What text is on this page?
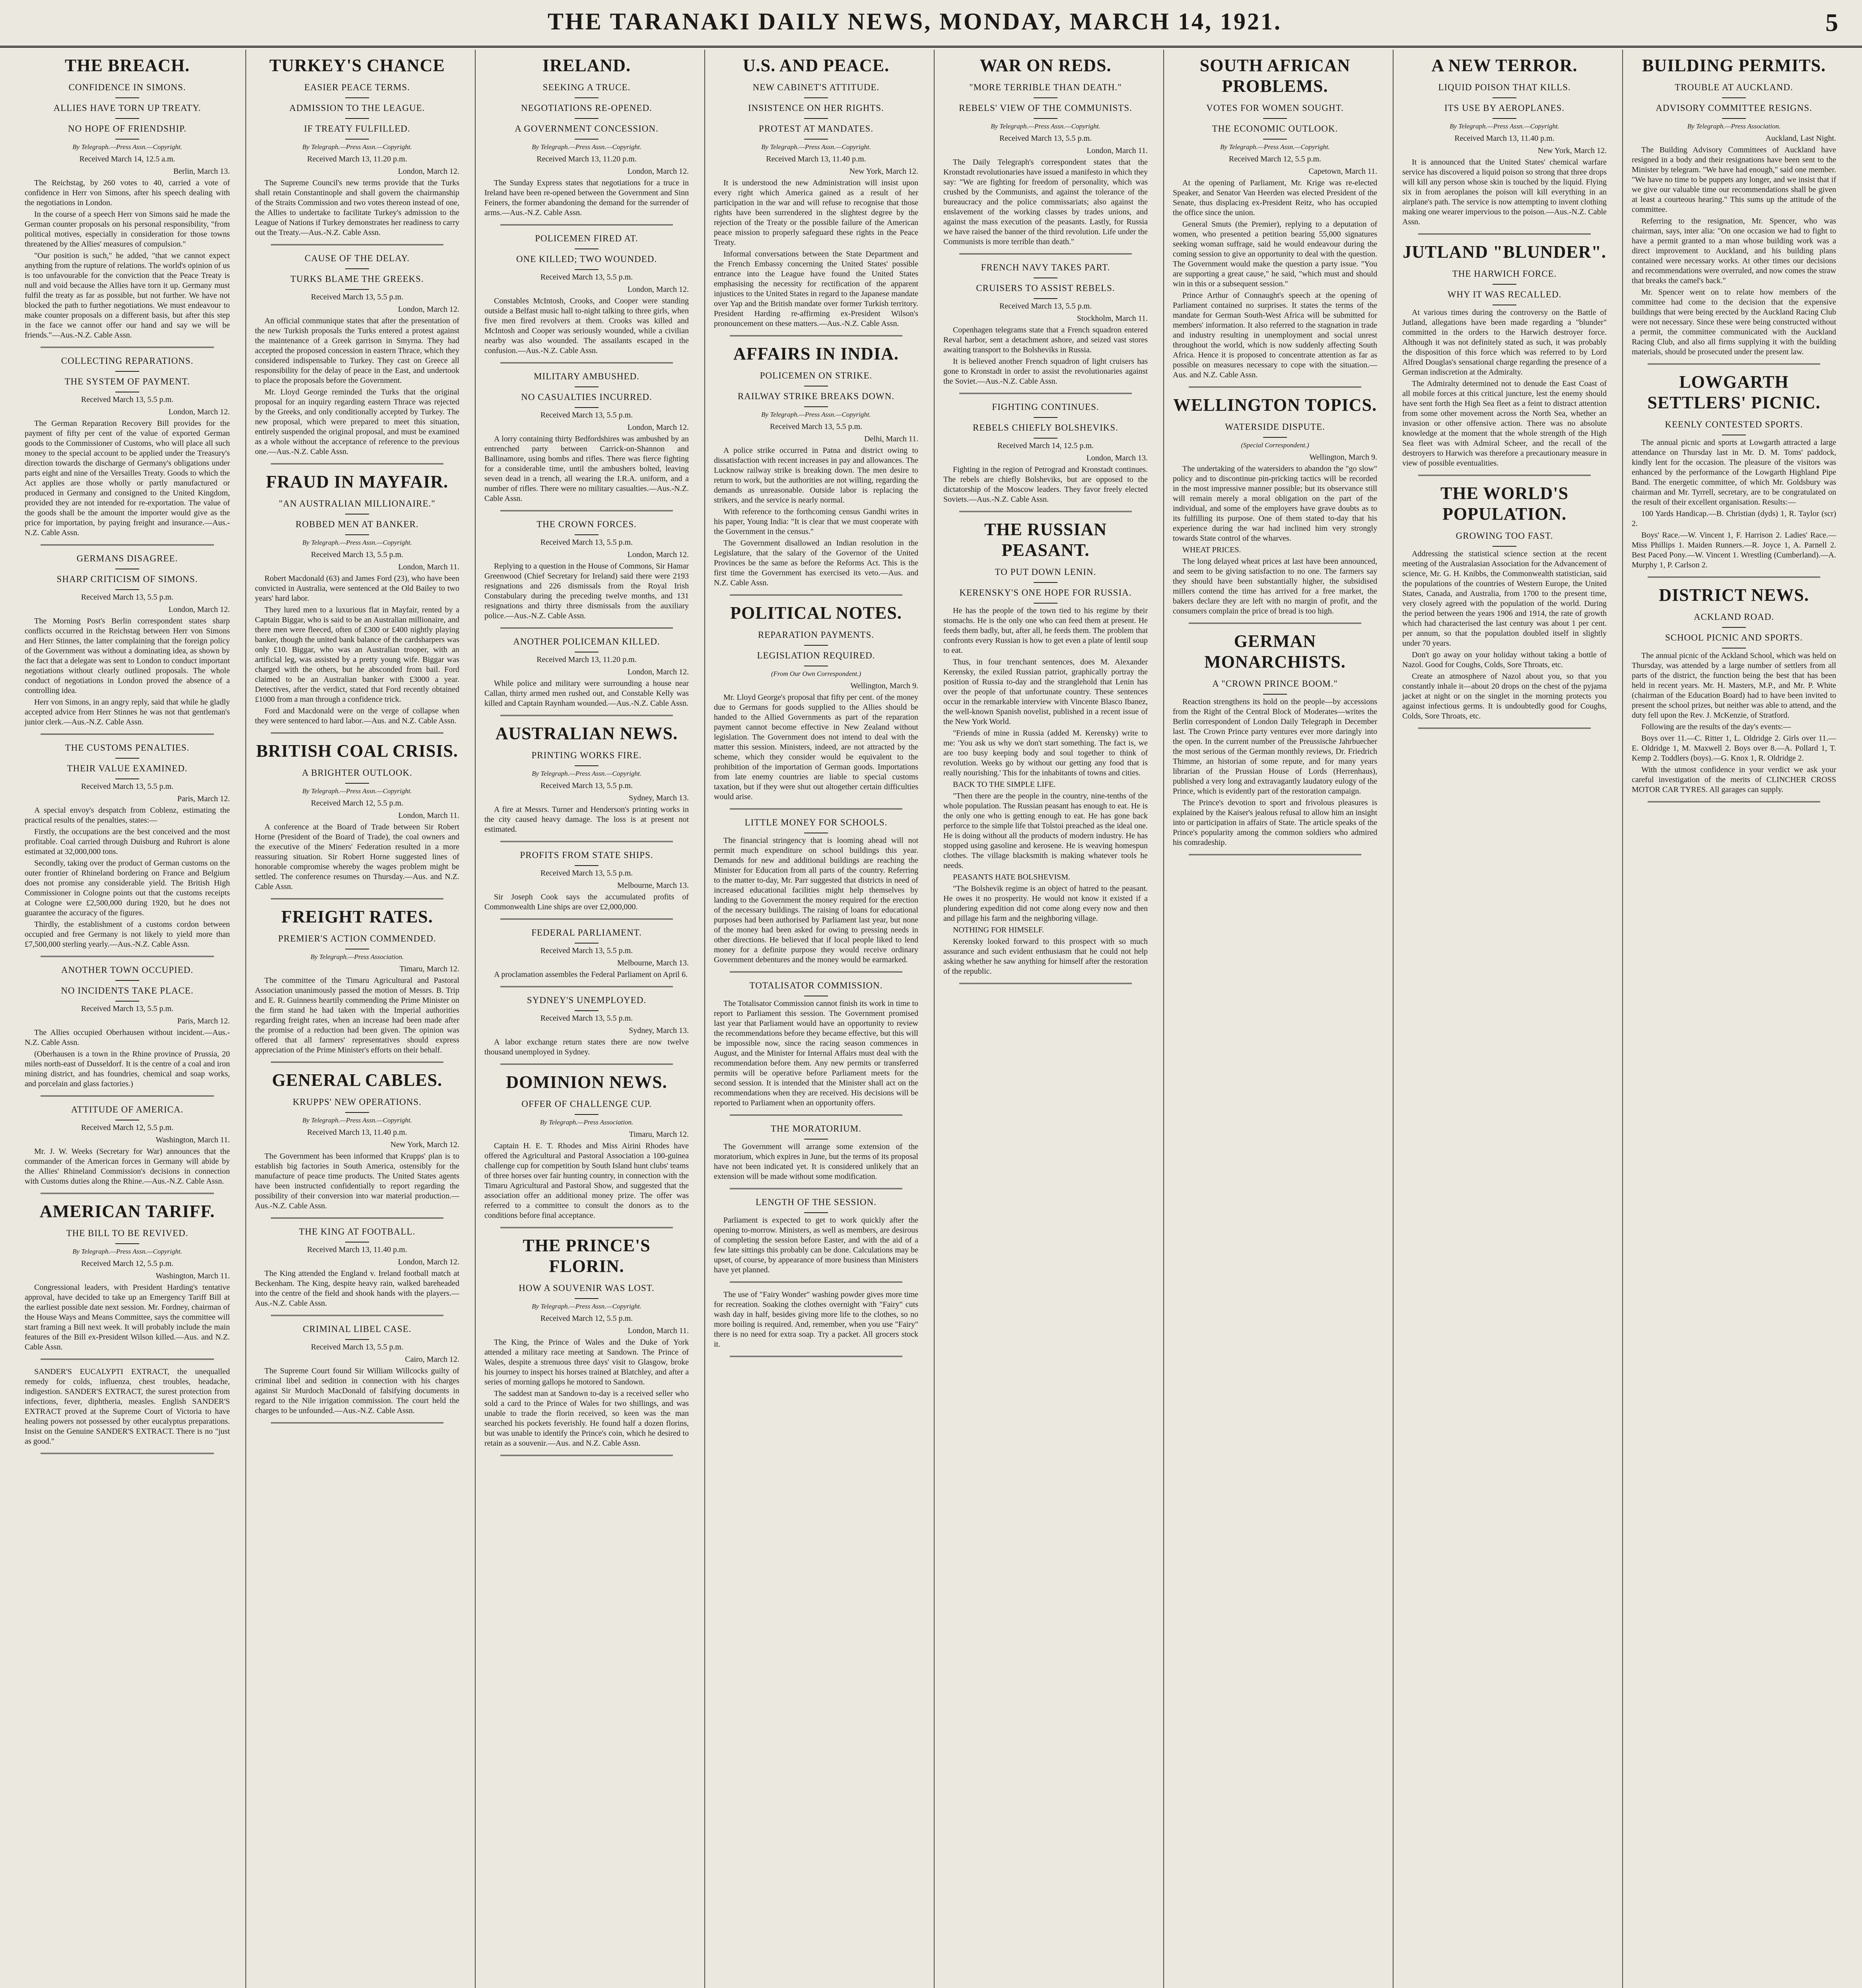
THE TARANAKI DAILY NEWS, MONDAY, MARCH 14, 1921.	5
THE BREACH.
CONFIDENCE IN SIMONS.
ALLIES HAVE TORN UP TREATY.
NO HOPE OF FRIENDSHIP.
By Telegraph.—Press Assn.—Copyright.
Received March 14, 12.5 a.m.
Berlin, March 13.
The Reichstag, by 260 votes to 40, carried a vote of confidence in Herr von Simons, after his speech dealing with the negotiations in London.
In the course of a speech Herr von Simons said he made the German counter proposals on his personal responsibility, "from political motives, especially in consideration for those towns threatened by the Allies' measures of compulsion."
"Our position is such," he added, "that we cannot expect anything from the rupture of relations. The world's opinion of us is too unfavourable for the conviction that the Peace Treaty is null and void because the Allies have torn it up. Germany must fulfil the treaty as far as possible, but not further. We have not blocked the path to further negotiations. We must endeavour to make counter proposals on a different basis, but after this step in the face we cannot offer our hand and say we will be friends."—Aus.-N.Z. Cable Assn.
COLLECTING REPARATIONS.
THE SYSTEM OF PAYMENT.
Received March 13, 5.5 p.m.
London, March 12.
The German Reparation Recovery Bill provides for the payment of fifty per cent of the value of exported German goods to the Commissioner of Customs, who will place all such money to the special account to be applied under the Treasury's direction towards the discharge of Germany's obligations under parts eight and nine of the Versailles Treaty. Goods to which the Act applies are those wholly or partly manufactured or produced in Germany and consigned to the United Kingdom, provided they are not intended for re-exportation. The value of the goods shall be the amount the importer would give as the price for importation, by paying freight and insurance.—Aus.-N.Z. Cable Assn.
GERMANS DISAGREE.
SHARP CRITICISM OF SIMONS.
Received March 13, 5.5 p.m.
London, March 12.
The Morning Post's Berlin correspondent states sharp conflicts occurred in the Reichstag between Herr von Simons and Herr Stinnes, the latter complaining that the foreign policy of the Government was without a dominating idea, as shown by the fact that a delegate was sent to London to conduct important negotiations without clearly outlined proposals. The whole conduct of negotiations in London proved the absence of a controlling idea.
Herr von Simons, in an angry reply, said that while he gladly accepted advice from Herr Stinnes he was not that gentleman's junior clerk.—Aus.-N.Z. Cable Assn.
THE CUSTOMS PENALTIES.
THEIR VALUE EXAMINED.
Received March 13, 5.5 p.m.
Paris, March 12.
A special envoy's despatch from Coblenz, estimating the practical results of the penalties, states:—
Firstly, the occupations are the best conceived and the most profitable. Coal carried through Duisburg and Ruhrort is alone estimated at 32,000,000 tons.
Secondly, taking over the product of German customs on the outer frontier of Rhineland bordering on France and Belgium does not promise any considerable yield. The British High Commissioner in Cologne points out that the customs receipts at Cologne were £2,500,000 during 1920, but he does not guarantee the accuracy of the figures.
Thirdly, the establishment of a customs cordon between occupied and free Germany is not likely to yield more than £7,500,000 sterling yearly.—Aus.-N.Z. Cable Assn.
ANOTHER TOWN OCCUPIED.
NO INCIDENTS TAKE PLACE.
Received March 13, 5.5 p.m.
Paris, March 12.
The Allies occupied Oberhausen without incident.—Aus.-N.Z. Cable Assn.
(Oberhausen is a town in the Rhine province of Prussia, 20 miles north-east of Dusseldorf. It is the centre of a coal and iron mining district, and has foundries, chemical and soap works, and porcelain and glass factories.)
ATTITUDE OF AMERICA.
Received March 12, 5.5 p.m.
Washington, March 11.
Mr. J. W. Weeks (Secretary for War) announces that the commander of the American forces in Germany will abide by the Allies' Rhineland Commission's decisions in connection with Customs duties along the Rhine.—Aus.-N.Z. Cable Assn.
AMERICAN TARIFF.
THE BILL TO BE REVIVED.
By Telegraph.—Press Assn.—Copyright.
Received March 12, 5.5 p.m.
Washington, March 11.
Congressional leaders, with President Harding's tentative approval, have decided to take up an Emergency Tariff Bill at the earliest possible date next session. Mr. Fordney, chairman of the House Ways and Means Committee, says the committee will start framing a Bill next week. It will probably include the main features of the Bill ex-President Wilson killed.—Aus. and N.Z. Cable Assn.
SANDER'S EUCALYPTI EXTRACT, the unequalled remedy for colds, influenza, chest troubles, headache, indigestion. SANDER'S EXTRACT, the surest protection from infections, fever, diphtheria, measles. English SANDER'S EXTRACT proved at the Supreme Court of Victoria to have healing powers not possessed by other eucalyptus preparations. Insist on the Genuine SANDER'S EXTRACT. There is no "just as good."
TURKEY'S CHANCE
EASIER PEACE TERMS.
ADMISSION TO THE LEAGUE.
IF TREATY FULFILLED.
By Telegraph.—Press Assn.—Copyright.
Received March 13, 11.20 p.m.
London, March 12.
The Supreme Council's new terms provide that the Turks shall retain Constantinople and shall govern the chairmanship of the Straits Commission and two votes thereon instead of one, the Allies to undertake to facilitate Turkey's admission to the League of Nations if Turkey demonstrates her readiness to carry out the Treaty.—Aus.-N.Z. Cable Assn.
CAUSE OF THE DELAY.
TURKS BLAME THE GREEKS.
Received March 13, 5.5 p.m.
London, March 12.
An official communique states that after the presentation of the new Turkish proposals the Turks entered a protest against the maintenance of a Greek garrison in Smyrna. They had accepted the proposed concession in eastern Thrace, which they considered indispensable to Turkey. They cast on Greece all responsibility for the delay of peace in the East, and undertook to place the proposals before the Government.
Mr. Lloyd George reminded the Turks that the original proposal for an inquiry regarding eastern Thrace was rejected by the Greeks, and only conditionally accepted by Turkey. The new proposal, which were prepared to meet this situation, entirely suspended the original proposal, and must be examined as a whole without the acceptance of reference to the previous one.—Aus.-N.Z. Cable Assn.
FRAUD IN MAYFAIR.
"AN AUSTRALIAN MILLIONAIRE."
ROBBED MEN AT BANKER.
By Telegraph.—Press Assn.—Copyright.
Received March 13, 5.5 p.m.
London, March 11.
Robert Macdonald (63) and James Ford (23), who have been convicted in Australia, were sentenced at the Old Bailey to two years' hard labor.
They lured men to a luxurious flat in Mayfair, rented by a Captain Biggar, who is said to be an Australian millionaire, and there men were fleeced, often of £300 or £400 nightly playing banker, though the united bank balance of the cardsharpers was only £10. Biggar, who was an Australian trooper, with an artificial leg, was assisted by a pretty young wife. Biggar was charged with the others, but he absconded from bail. Ford claimed to be an Australian banker with £3000 a year. Detectives, after the verdict, stated that Ford recently obtained £1000 from a man through a confidence trick.
Ford and Macdonald were on the verge of collapse when they were sentenced to hard labor.—Aus. and N.Z. Cable Assn.
BRITISH COAL CRISIS.
A BRIGHTER OUTLOOK.
By Telegraph.—Press Assn.—Copyright.
Received March 12, 5.5 p.m.
London, March 11.
A conference at the Board of Trade between Sir Robert Horne (President of the Board of Trade), the coal owners and the executive of the Miners' Federation resulted in a more reassuring situation. Sir Robert Horne suggested lines of honorable compromise whereby the wages problem might be settled. The conference resumes on Thursday.—Aus. and N.Z. Cable Assn.
FREIGHT RATES.
PREMIER'S ACTION COMMENDED.
By Telegraph.—Press Association.
Timaru, March 12.
The committee of the Timaru Agricultural and Pastoral Association unanimously passed the motion of Messrs. B. Trip and E. R. Guinness heartily commending the Prime Minister on the firm stand he had taken with the Imperial authorities regarding freight rates, when an increase had been made after the promise of a reduction had been given. The opinion was offered that all farmers' representatives should express appreciation of the Prime Minister's efforts on their behalf.
GENERAL CABLES.
KRUPPS' NEW OPERATIONS.
By Telegraph.—Press Assn.—Copyright.
Received March 13, 11.40 p.m.
New York, March 12.
The Government has been informed that Krupps' plan is to establish big factories in South America, ostensibly for the manufacture of peace time products. The United States agents have been instructed confidentially to report regarding the possibility of their conversion into war material production.—Aus.-N.Z. Cable Assn.
THE KING AT FOOTBALL.
Received March 13, 11.40 p.m.
London, March 12.
The King attended the England v. Ireland football match at Beckenham. The King, despite heavy rain, walked bareheaded into the centre of the field and shook hands with the players.—Aus.-N.Z. Cable Assn.
CRIMINAL LIBEL CASE.
Received March 13, 5.5 p.m.
Cairo, March 12.
The Supreme Court found Sir William Willcocks guilty of criminal libel and sedition in connection with his charges against Sir Murdoch MacDonald of falsifying documents in regard to the Nile irrigation commission. The court held the charges to be unfounded.—Aus.-N.Z. Cable Assn.
IRELAND.
SEEKING A TRUCE.
NEGOTIATIONS RE-OPENED.
A GOVERNMENT CONCESSION.
By Telegraph.—Press Assn.—Copyright.
Received March 13, 11.20 p.m.
London, March 12.
The Sunday Express states that negotiations for a truce in Ireland have been re-opened between the Government and Sinn Feiners, the former abandoning the demand for the surrender of arms.—Aus.-N.Z. Cable Assn.
POLICEMEN FIRED AT.
ONE KILLED; TWO WOUNDED.
Received March 13, 5.5 p.m.
London, March 12.
Constables McIntosh, Crooks, and Cooper were standing outside a Belfast music hall to-night talking to three girls, when five men fired revolvers at them. Crooks was killed and McIntosh and Cooper was seriously wounded, while a civilian nearby was also wounded. The assailants escaped in the confusion.—Aus.-N.Z. Cable Assn.
MILITARY AMBUSHED.
NO CASUALTIES INCURRED.
Received March 13, 5.5 p.m.
London, March 12.
A lorry containing thirty Bedfordshires was ambushed by an entrenched party between Carrick-on-Shannon and Ballinamore, using bombs and rifles. There was fierce fighting for a considerable time, until the ambushers bolted, leaving seven dead in a trench, all wearing the I.R.A. uniform, and a number of rifles. There were no military casualties.—Aus.-N.Z. Cable Assn.
THE CROWN FORCES.
Received March 13, 5.5 p.m.
London, March 12.
Replying to a question in the House of Commons, Sir Hamar Greenwood (Chief Secretary for Ireland) said there were 2193 resignations and 226 dismissals from the Royal Irish Constabulary during the preceding twelve months, and 131 resignations and thirty three dismissals from the auxiliary police.—Aus.-N.Z. Cable Assn.
ANOTHER POLICEMAN KILLED.
Received March 13, 11.20 p.m.
London, March 12.
While police and military were surrounding a house near Callan, thirty armed men rushed out, and Constable Kelly was killed and Captain Raynham wounded.—Aus.-N.Z. Cable Assn.
AUSTRALIAN NEWS.
PRINTING WORKS FIRE.
By Telegraph.—Press Assn.—Copyright.
Received March 13, 5.5 p.m.
Sydney, March 13.
A fire at Messrs. Turner and Henderson's printing works in the city caused heavy damage. The loss is at present not estimated.
PROFITS FROM STATE SHIPS.
Received March 13, 5.5 p.m.
Melbourne, March 13.
Sir Joseph Cook says the accumulated profits of Commonwealth Line ships are over £2,000,000.
FEDERAL PARLIAMENT.
Received March 13, 5.5 p.m.
Melbourne, March 13.
A proclamation assembles the Federal Parliament on April 6.
SYDNEY'S UNEMPLOYED.
Received March 13, 5.5 p.m.
Sydney, March 13.
A labor exchange return states there are now twelve thousand unemployed in Sydney.
DOMINION NEWS.
OFFER OF CHALLENGE CUP.
By Telegraph.—Press Association.
Timaru, March 12.
Captain H. E. T. Rhodes and Miss Airini Rhodes have offered the Agricultural and Pastoral Association a 100-guinea challenge cup for competition by South Island hunt clubs' teams of three horses over fair hunting country, in connection with the Timaru Agricultural and Pastoral Show, and suggested that the association offer an additional money prize. The offer was referred to a committee to consult the donors as to the conditions before final acceptance.
THE PRINCE'S FLORIN.
HOW A SOUVENIR WAS LOST.
By Telegraph.—Press Assn.—Copyright.
Received March 12, 5.5 p.m.
London, March 11.
The King, the Prince of Wales and the Duke of York attended a military race meeting at Sandown. The Prince of Wales, despite a strenuous three days' visit to Glasgow, broke his journey to inspect his horses trained at Blatchley, and after a series of morning gallops he motored to Sandown.
The saddest man at Sandown to-day is a received seller who sold a card to the Prince of Wales for two shillings, and was unable to trade the florin received, so keen was the man searched his pockets feverishly. He found half a dozen florins, but was unable to identify the Prince's coin, which he desired to retain as a souvenir.—Aus. and N.Z. Cable Assn.
U.S. AND PEACE.
NEW CABINET'S ATTITUDE.
INSISTENCE ON HER RIGHTS.
PROTEST AT MANDATES.
By Telegraph.—Press Assn.—Copyright.
Received March 13, 11.40 p.m.
New York, March 12.
It is understood the new Administration will insist upon every right which America gained as a result of her participation in the war and will refuse to recognise that those rights have been surrendered in the slightest degree by the rejection of the Treaty or the possible failure of the American peace mission to properly safeguard these rights in the Peace Treaty.
Informal conversations between the State Department and the French Embassy concerning the United States' possible entrance into the League have found the United States emphasising the necessity for rectification of the apparent injustices to the United States in regard to the Japanese mandate over Yap and the British mandate over former Turkish territory. President Harding re-affirming ex-President Wilson's pronouncement on these matters.—Aus.-N.Z. Cable Assn.
AFFAIRS IN INDIA.
POLICEMEN ON STRIKE.
RAILWAY STRIKE BREAKS DOWN.
By Telegraph.—Press Assn.—Copyright.
Received March 13, 5.5 p.m.
Delhi, March 11.
A police strike occurred in Patna and district owing to dissatisfaction with recent increases in pay and allowances. The Lucknow railway strike is breaking down. The men desire to return to work, but the authorities are not willing, regarding the demands as unreasonable. Outside labor is replacing the strikers, and the service is nearly normal.
With reference to the forthcoming census Gandhi writes in his paper, Young India: "It is clear that we must cooperate with the Government in the census."
The Government disallowed an Indian resolution in the Legislature, that the salary of the Governor of the United Provinces be the same as before the Reforms Act. This is the first time the Government has exercised its veto.—Aus. and N.Z. Cable Assn.
POLITICAL NOTES.
REPARATION PAYMENTS.
LEGISLATION REQUIRED.
(From Our Own Correspondent.)
Wellington, March 9.
Mr. Lloyd George's proposal that fifty per cent. of the money due to Germans for goods supplied to the Allies should be handed to the Allied Governments as part of the reparation payment cannot become effective in New Zealand without legislation. The Government does not intend to deal with the matter this session. Ministers, indeed, are not attracted by the scheme, which they consider would be equivalent to the prohibition of the importation of German goods. Importations from late enemy countries are liable to special customs taxation, but if they were shut out altogether certain difficulties would arise.
LITTLE MONEY FOR SCHOOLS.
The financial stringency that is looming ahead will not permit much expenditure on school buildings this year. Demands for new and additional buildings are reaching the Minister for Education from all parts of the country. Referring to the matter to-day, Mr. Parr suggested that districts in need of increased educational facilities might help themselves by landing to the Government the money required for the erection of the necessary buildings. The raising of loans for educational purposes had been authorised by Parliament last year, but none of the money had been asked for owing to pressing needs in other directions. He believed that if local people liked to lend money for a definite purpose they would receive ordinary Government debentures and the money would be earmarked.
TOTALISATOR COMMISSION.
The Totalisator Commission cannot finish its work in time to report to Parliament this session. The Government promised last year that Parliament would have an opportunity to review the recommendations before they became effective, but this will be impossible now, since the racing season commences in August, and the Minister for Internal Affairs must deal with the recommendation before them. Any new permits or transferred permits will be operative before Parliament meets for the second session. It is intended that the Minister shall act on the recommendations when they are received. His decisions will be reported to Parliament when an opportunity offers.
THE MORATORIUM.
The Government will arrange some extension of the moratorium, which expires in June, but the terms of its proposal have not been indicated yet. It is considered unlikely that an extension will be made without some modification.
LENGTH OF THE SESSION.
Parliament is expected to get to work quickly after the opening to-morrow. Ministers, as well as members, are desirous of completing the session before Easter, and with the aid of a few late sittings this probably can be done. Calculations may be upset, of course, by appearance of more business than Ministers have yet planned.
The use of "Fairy Wonder" washing powder gives more time for recreation. Soaking the clothes overnight with "Fairy" cuts wash day in half, besides giving more life to the clothes, so no more boiling is required. And, remember, when you use "Fairy" there is no need for extra soap. Try a packet. All grocers stock it.
WAR ON REDS.
"MORE TERRIBLE THAN DEATH."
REBELS' VIEW OF THE COMMUNISTS.
By Telegraph.—Press Assn.—Copyright.
Received March 13, 5.5 p.m.
London, March 11.
The Daily Telegraph's correspondent states that the Kronstadt revolutionaries have issued a manifesto in which they say: "We are fighting for freedom of personality, which was crushed by the Communists, and against the tolerance of the bureaucracy and the police commissariats; also against the enslavement of the working classes by trades unions, and against the mass execution of the peasants. Lastly, for Russia we have raised the banner of the third revolution. Life under the Communists is more terrible than death."
FRENCH NAVY TAKES PART.
CRUISERS TO ASSIST REBELS.
Received March 13, 5.5 p.m.
Stockholm, March 11.
Copenhagen telegrams state that a French squadron entered Reval harbor, sent a detachment ashore, and seized vast stores awaiting transport to the Bolsheviks in Russia.
It is believed another French squadron of light cruisers has gone to Kronstadt in order to assist the revolutionaries against the Soviet.—Aus.-N.Z. Cable Assn.
FIGHTING CONTINUES.
REBELS CHIEFLY BOLSHEVIKS.
Received March 14, 12.5 p.m.
London, March 13.
Fighting in the region of Petrograd and Kronstadt continues. The rebels are chiefly Bolsheviks, but are opposed to the dictatorship of the Moscow leaders. They favor freely elected Soviets.—Aus.-N.Z. Cable Assn.
THE RUSSIAN PEASANT.
TO PUT DOWN LENIN.
KERENSKY'S ONE HOPE FOR RUSSIA.
He has the people of the town tied to his regime by their stomachs. He is the only one who can feed them at present. He feeds them badly, but, after all, he feeds them. The problem that confronts every Russian is how to get even a plate of lentil soup to eat.
Thus, in four trenchant sentences, does M. Alexander Kerensky, the exiled Russian patriot, graphically portray the position of Russia to-day and the stranglehold that Lenin has over the people of that unfortunate country. These sentences occur in the remarkable interview with Vincente Blasco Ibanez, the well-known Spanish novelist, published in a recent issue of the New York World.
"Friends of mine in Russia (added M. Kerensky) write to me: 'You ask us why we don't start something. The fact is, we are too busy keeping body and soul together to think of revolution. Weeks go by without our getting any food that is really nourishing.' This for the inhabitants of towns and cities.
BACK TO THE SIMPLE LIFE.
"Then there are the people in the country, nine-tenths of the whole population. The Russian peasant has enough to eat. He is the only one who is getting enough to eat. He has gone back perforce to the simple life that Tolstoi preached as the ideal one. He is doing without all the products of modern industry. He has stopped using gasoline and kerosene. He is weaving homespun clothes. The village blacksmith is making whatever tools he needs.
PEASANTS HATE BOLSHEVISM.
"The Bolshevik regime is an object of hatred to the peasant. He owes it no prosperity. He would not know it existed if a plundering expedition did not come along every now and then and pillage his farm and the neighboring village.
NOTHING FOR HIMSELF.
Kerensky looked forward to this prospect with so much assurance and such evident enthusiasm that he could not help asking whether he saw anything for himself after the restoration of the republic.
SOUTH AFRICAN PROBLEMS.
VOTES FOR WOMEN SOUGHT.
THE ECONOMIC OUTLOOK.
By Telegraph.—Press Assn.—Copyright.
Received March 12, 5.5 p.m.
Capetown, March 11.
At the opening of Parliament, Mr. Krige was re-elected Speaker, and Senator Van Heerden was elected President of the Senate, thus displacing ex-President Reitz, who has occupied the office since the union.
General Smuts (the Premier), replying to a deputation of women, who presented a petition bearing 55,000 signatures seeking woman suffrage, said he would endeavour during the coming session to give an opportunity to deal with the question. The Government would make the question a party issue. "You are supporting a great cause," he said, "which must and should win in this or a subsequent session."
Prince Arthur of Connaught's speech at the opening of Parliament contained no surprises. It states the terms of the mandate for German South-West Africa will be submitted for members' information. It also referred to the stagnation in trade and industry resulting in unemployment and social unrest throughout the world, which is now suddenly affecting South Africa. Hence it is proposed to concentrate attention as far as possible on measures necessary to cope with the situation.—Aus. and N.Z. Cable Assn.
WELLINGTON TOPICS.
WATERSIDE DISPUTE.
(Special Correspondent.)
Wellington, March 9.
The undertaking of the watersiders to abandon the "go slow" policy and to discontinue pin-pricking tactics will be recorded in the most impressive manner possible; but its observance still will remain merely a moral obligation on the part of the individual, and some of the employers have grave doubts as to its fulfilling its purpose. One of them stated to-day that his experience during the war had inclined him very strongly towards State control of the wharves.
WHEAT PRICES.
The long delayed wheat prices at last have been announced, and seem to be giving satisfaction to no one. The farmers say they should have been substantially higher, the subsidised millers contend the time has arrived for a free market, the bakers declare they are left with no margin of profit, and the consumers complain the price of bread is too high.
GERMAN MONARCHISTS.
A "CROWN PRINCE BOOM."
Reaction strengthens its hold on the people—by accessions from the Right of the Central Block of Moderates—writes the Berlin correspondent of London Daily Telegraph in December last. The Crown Prince party ventures ever more daringly into the open. In the current number of the Preussische Jahrbuecher the most serious of the German monthly reviews, Dr. Friedrich Thimme, an historian of some repute, and for many years librarian of the Prussian House of Lords (Herrenhaus), published a very long and extravagantly laudatory eulogy of the Prince, which is evidently part of the restoration campaign.
The Prince's devotion to sport and frivolous pleasures is explained by the Kaiser's jealous refusal to allow him an insight into or participation in affairs of State. The article speaks of the Prince's popularity among the common soldiers who admired his comradeship.
A NEW TERROR.
LIQUID POISON THAT KILLS.
ITS USE BY AEROPLANES.
By Telegraph.—Press Assn.—Copyright.
Received March 13, 11.40 p.m.
New York, March 12.
It is announced that the United States' chemical warfare service has discovered a liquid poison so strong that three drops will kill any person whose skin is touched by the liquid. Flying six in from aeroplanes the poison will kill everything in an airplane's path. The service is now attempting to invent clothing making one wearer impervious to the poison.—Aus.-N.Z. Cable Assn.
JUTLAND "BLUNDER".
THE HARWICH FORCE.
WHY IT WAS RECALLED.
At various times during the controversy on the Battle of Jutland, allegations have been made regarding a "blunder" committed in the orders to the Harwich destroyer force. Although it was not definitely stated as such, it was probably the disposition of this force which was referred to by Lord Alfred Douglas's sensational charge regarding the presence of a German indiscretion at the Admiralty.
The Admiralty determined not to denude the East Coast of all mobile forces at this critical juncture, lest the enemy should have sent forth the High Sea fleet as a feint to distract attention from some other movement across the North Sea, whether an invasion or other offensive action. There was no absolute knowledge at the moment that the whole strength of the High Sea fleet was with Admiral Scheer, and the recall of the destroyers to Harwich was therefore a precautionary measure in view of possible eventualities.
THE WORLD'S POPULATION.
GROWING TOO FAST.
Addressing the statistical science section at the recent meeting of the Australasian Association for the Advancement of science, Mr. G. H. Knibbs, the Commonwealth statistician, said the populations of the countries of Western Europe, the United States, Canada, and Australia, from 1700 to the present time, very closely agreed with the population of the world. During the period between the years 1906 and 1914, the rate of growth which had characterised the last century was about 1 per cent. per annum, so that the population doubled itself in slightly under 70 years.
Don't go away on your holiday without taking a bottle of Nazol. Good for Coughs, Colds, Sore Throats, etc.
Create an atmosphere of Nazol about you, so that you constantly inhale it—about 20 drops on the chest of the pyjama jacket at night or on the singlet in the morning protects you against infectious germs. It is undoubtedly good for Coughs, Colds, Sore Throats, etc.
BUILDING PERMITS.
TROUBLE AT AUCKLAND.
ADVISORY COMMITTEE RESIGNS.
By Telegraph.—Press Association.
Auckland, Last Night.
The Building Advisory Committees of Auckland have resigned in a body and their resignations have been sent to the Minister by telegram. "We have had enough," said one member. "We have no time to be puppets any longer, and we insist that if we give our valuable time our recommendations shall be given at least a courteous hearing." This sums up the attitude of the committee.
Referring to the resignation, Mr. Spencer, who was chairman, says, inter alia: "On one occasion we had to fight to have a permit granted to a man whose building work was a direct improvement to Auckland, and his building plans contained were necessary works. At other times our decisions and recommendations were overruled, and now comes the straw that breaks the camel's back."
Mr. Spencer went on to relate how members of the committee had come to the decision that the expensive buildings that were being erected by the Auckland Racing Club were not necessary. Since these were being constructed without a permit, the committee communicated with the Auckland Racing Club, and also all firms supplying it with the building materials, should be prosecuted under the present law.
LOWGARTH SETTLERS' PICNIC.
KEENLY CONTESTED SPORTS.
The annual picnic and sports at Lowgarth attracted a large attendance on Thursday last in Mr. D. M. Toms' paddock, kindly lent for the occasion. The pleasure of the visitors was enhanced by the performance of the Lowgarth Highland Pipe Band. The energetic committee, of which Mr. Goldsbury was chairman and Mr. Tyrrell, secretary, are to be congratulated on the result of their excellent organisation. Results:—
100 Yards Handicap.—B. Christian (dyds) 1, R. Taylor (scr) 2.
Boys' Race.—W. Vincent 1, F. Harrison 2. Ladies' Race.—Miss Phillips 1. Maiden Runners.—R. Joyce 1, A. Parnell 2. Best Paced Pony.—W. Vincent 1. Wrestling (Cumberland).—A. Murphy 1, P. Carlson 2.
DISTRICT NEWS.
ACKLAND ROAD.
SCHOOL PICNIC AND SPORTS.
The annual picnic of the Ackland School, which was held on Thursday, was attended by a large number of settlers from all parts of the district, the function being the best that has been held in recent years. Mr. H. Masters, M.P., and Mr. P. White (chairman of the Education Board) had to have been invited to present the school prizes, but neither was able to attend, and the duty fell upon the Rev. J. McKenzie, of Stratford.
Following are the results of the day's events:—
Boys over 11.—C. Ritter 1, L. Oldridge 2. Girls over 11.—E. Oldridge 1, M. Maxwell 2. Boys over 8.—A. Pollard 1, T. Kemp 2. Toddlers (boys).—G. Knox 1, R. Oldridge 2.
With the utmost confidence in your verdict we ask your careful investigation of the merits of CLINCHER CROSS MOTOR CAR TYRES. All garages can supply.
